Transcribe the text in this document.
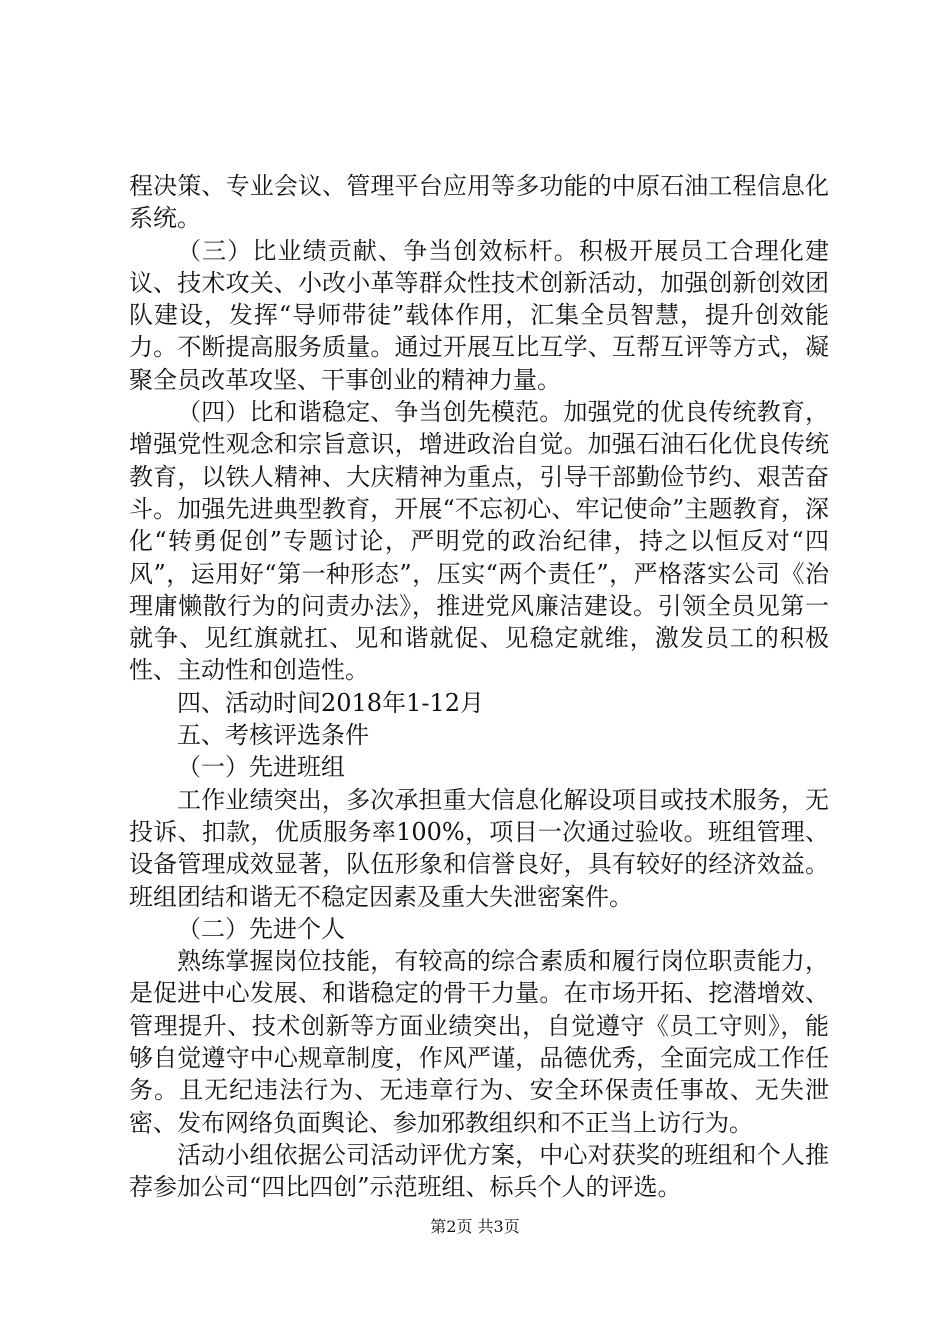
程决策、专业会议、管理平台应用等多功能的中原石油工程信息化系统。

（三）比业绩贡献、争当创效标杆。积极开展员工合理化建议、技术攻关、小改小革等群众性技术创新活动，加强创新创效团队建设，发挥“导师带徒”载体作用，汇集全员智慧，提升创效能力。不断提高服务质量。通过开展互比互学、互帮互评等方式，凝聚全员改革攻坚、干事创业的精神力量。

（四）比和谐稳定、争当创先模范。加强党的优良传统教育，增强党性观念和宗旨意识，增进政治自觉。加强石油石化优良传统教育，以铁人精神、大庆精神为重点，引导干部勤俭节约、艰苦奋斗。加强先进典型教育，开展“不忘初心、牢记使命”主题教育，深化“转勇促创”专题讨论，严明党的政治纪律，持之以恒反对“四风”，运用好“第一种形态”，压实“两个责任”，严格落实公司《治理庸懒散行为的问责办法》，推进党风廉洁建设。引领全员见第一就争、见红旗就扛、见和谐就促、见稳定就维，激发员工的积极性、主动性和创造性。

四、活动时间2018年1-12月

五、考核评选条件

（一）先进班组

工作业绩突出，多次承担重大信息化解设项目或技术服务，无投诉、扣款，优质服务率100%，项目一次通过验收。班组管理、设备管理成效显著，队伍形象和信誉良好，具有较好的经济效益。班组团结和谐无不稳定因素及重大失泄密案件。

（二）先进个人

熟练掌握岗位技能，有较高的综合素质和履行岗位职责能力，是促进中心发展、和谐稳定的骨干力量。在市场开拓、挖潜增效、管理提升、技术创新等方面业绩突出，自觉遵守《员工守则》，能够自觉遵守中心规章制度，作风严谨，品德优秀，全面完成工作任务。且无纪违法行为、无违章行为、安全环保责任事故、无失泄密、发布网络负面舆论、参加邪教组织和不正当上访行为。

活动小组依据公司活动评优方案，中心对获奖的班组和个人推荐参加公司“四比四创”示范班组、标兵个人的评选。

第2页 共3页
